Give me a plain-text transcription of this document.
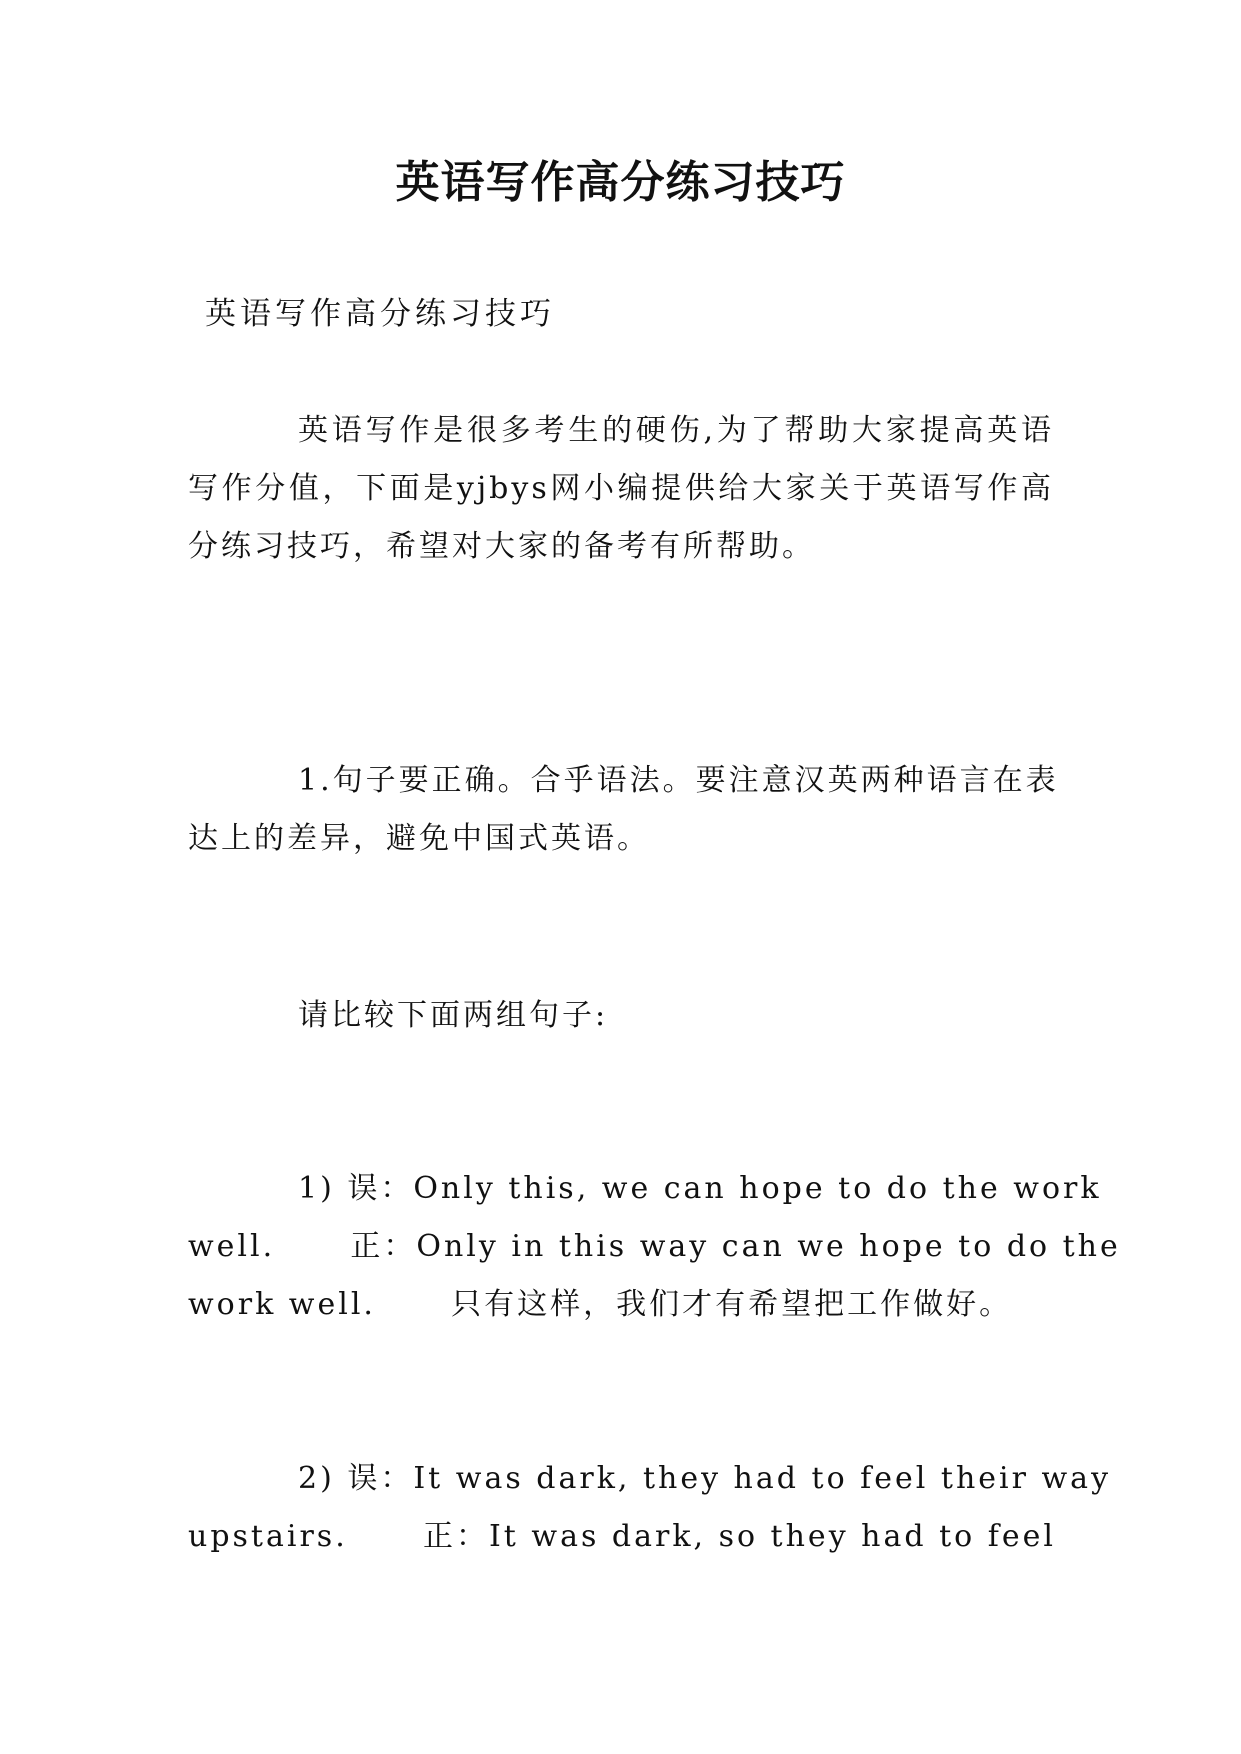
英语写作高分练习技巧
英语写作高分练习技巧
英语写作是很多考生的硬伤,为了帮助大家提高英语
写作分值，下面是yjbys网小编提供给大家关于英语写作高
分练习技巧，希望对大家的备考有所帮助。
1.句子要正确。合乎语法。要注意汉英两种语言在表
达上的差异，避免中国式英语。
请比较下面两组句子:
1) 误：Only this, we can hope to do the work
well.      正：Only in this way can we hope to do the
work well.      只有这样，我们才有希望把工作做好。
2) 误：It was dark, they had to feel their way
upstairs.      正：It was dark, so they had to feel
